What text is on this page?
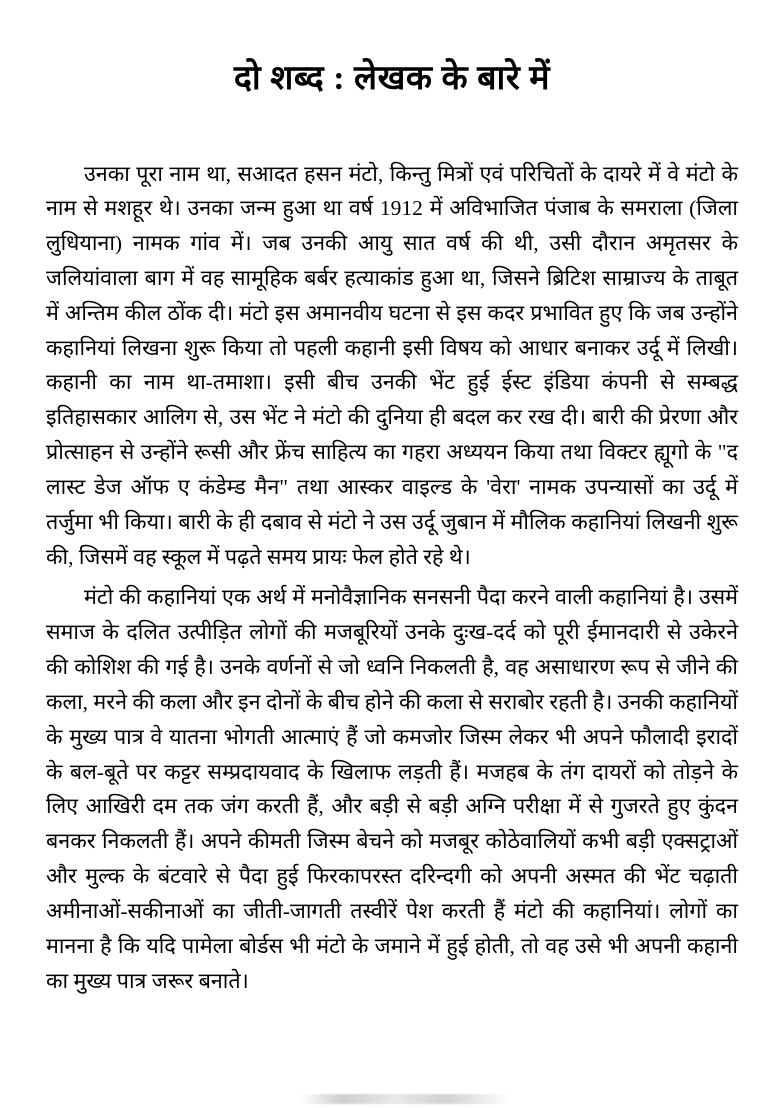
दो शब्द : लेखक के बारे में

उनका पूरा नाम था, सआदत हसन मंटो, किन्तु मित्रों एवं परिचितों के दायरे में वे मंटो के नाम से मशहूर थे। उनका जन्म हुआ था वर्ष 1912 में अविभाजित पंजाब के समराला (जिला लुधियाना) नामक गांव में। जब उनकी आयु सात वर्ष की थी, उसी दौरान अमृतसर के जलियांवाला बाग में वह सामूहिक बर्बर हत्याकांड हुआ था, जिसने ब्रिटिश साम्राज्य के ताबूत में अन्तिम कील ठोंक दी। मंटो इस अमानवीय घटना से इस कदर प्रभावित हुए कि जब उन्होंने कहानियां लिखना शुरू किया तो पहली कहानी इसी विषय को आधार बनाकर उर्दू में लिखी। कहानी का नाम था-तमाशा। इसी बीच उनकी भेंट हुई ईस्ट इंडिया कंपनी से सम्बद्ध इतिहासकार आलिग से, उस भेंट ने मंटो की दुनिया ही बदल कर रख दी। बारी की प्रेरणा और प्रोत्साहन से उन्होंने रूसी और फ्रेंच साहित्य का गहरा अध्ययन किया तथा विक्टर ह्यूगो के "द लास्ट डेज ऑफ ए कंडेम्ड मैन" तथा आस्कर वाइल्ड के 'वेरा' नामक उपन्यासों का उर्दू में तर्जुमा भी किया। बारी के ही दबाव से मंटो ने उस उर्दू जुबान में मौलिक कहानियां लिखनी शुरू की, जिसमें वह स्कूल में पढ़ते समय प्रायः फेल होते रहे थे।

मंटो की कहानियां एक अर्थ में मनोवैज्ञानिक सनसनी पैदा करने वाली कहानियां है। उसमें समाज के दलित उत्पीड़ित लोगों की मजबूरियों उनके दुःख-दर्द को पूरी ईमानदारी से उकेरने की कोशिश की गई है। उनके वर्णनों से जो ध्वनि निकलती है, वह असाधारण रूप से जीने की कला, मरने की कला और इन दोनों के बीच होने की कला से सराबोर रहती है। उनकी कहानियों के मुख्य पात्र वे यातना भोगती आत्माएं हैं जो कमजोर जिस्म लेकर भी अपने फौलादी इरादों के बल-बूते पर कट्टर सम्प्रदायवाद के खिलाफ लड़ती हैं। मजहब के तंग दायरों को तोड़ने के लिए आखिरी दम तक जंग करती हैं, और बड़ी से बड़ी अग्नि परीक्षा में से गुजरते हुए कुंदन बनकर निकलती हैं। अपने कीमती जिस्म बेचने को मजबूर कोठेवालियों कभी बड़ी एक्सट्राओं और मुल्क के बंटवारे से पैदा हुई फिरकापरस्त दरिन्दगी को अपनी अस्मत की भेंट चढ़ाती अमीनाओं-सकीनाओं का जीती-जागती तस्वीरें पेश करती हैं मंटो की कहानियां। लोगों का मानना है कि यदि पामेला बोर्डस भी मंटो के जमाने में हुई होती, तो वह उसे भी अपनी कहानी का मुख्य पात्र जरूर बनाते।
